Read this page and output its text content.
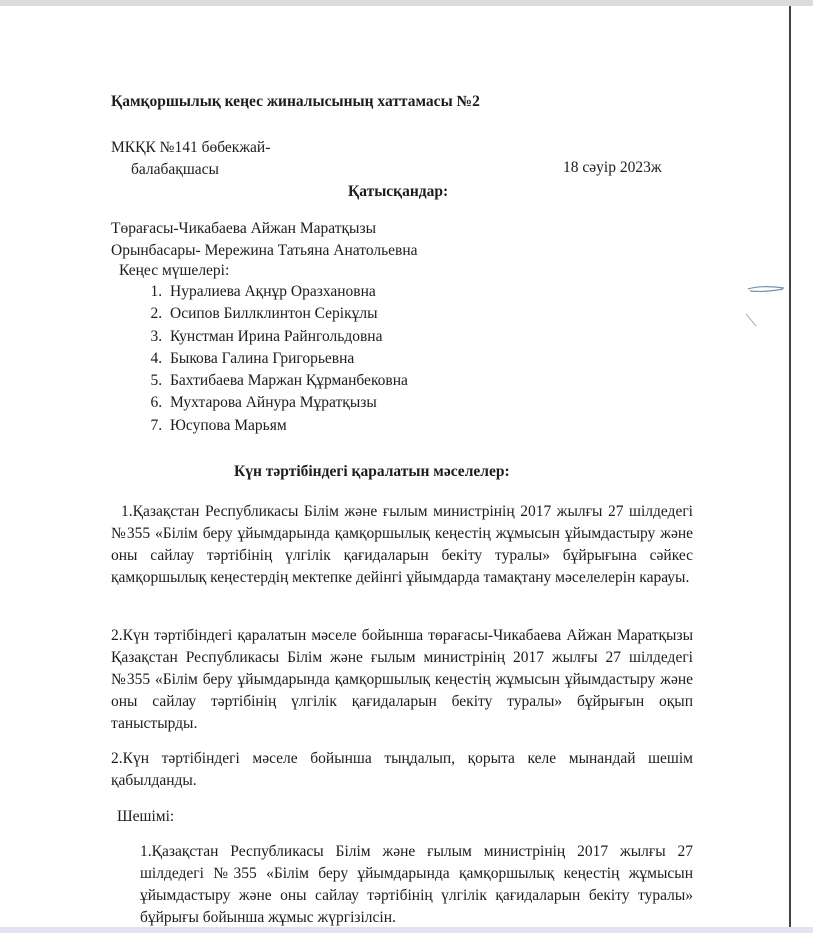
Қамқоршылық кеңес жиналысының хаттамасы №2
МКҚК №141 бөбекжай-
балабақшасы	18 сәуір 2023ж
Қатысқандар:
Төрағасы-Чикабаева Айжан Маратқызы
Орынбасары- Мережина Татьяна Анатольевна
Кеңес мүшелері:
1. Нуралиева Ақнұр Оразхановна
2. Осипов Биллклинтон Серікұлы
3. Кунстман Ирина Райнгольдовна
4. Быкова Галина Григорьевна
5. Бахтибаева Маржан Құрманбековна
6. Мухтарова Айнура Мұратқызы
7. Юсупова Марьям
Күн тәртібіндегі қаралатын мәселелер:
1.Қазақстан Республикасы Білім және ғылым министрінің 2017 жылғы 27 шілдедегі №355 «Білім беру ұйымдарында қамқоршылық кеңестің жұмысын ұйымдастыру және оны сайлау тәртібінің үлгілік қағидаларын бекіту туралы» бұйрығына сәйкес қамқоршылық кеңестердің мектепке дейінгі ұйымдарда тамақтану мәселелерін карауы.
2.Күн тәртібіндегі қаралатын мәселе бойынша төрағасы-Чикабаева Айжан Маратқызы Қазақстан Республикасы Білім және ғылым министрінің 2017 жылғы 27 шілдедегі №355 «Білім беру ұйымдарында қамқоршылық кеңестің жұмысын ұйымдастыру және оны сайлау тәртібінің үлгілік қағидаларын бекіту туралы» бұйрығын оқып таныстырды.
2.Күн тәртібіндегі мәселе бойынша тыңдалып, қорыта келе мынандай шешім қабылданды.
Шешімі:
1.Қазақстан Республикасы Білім және ғылым министрінің 2017 жылғы 27 шілдедегі №355 «Білім беру ұйымдарында қамқоршылық кеңестің жұмысын ұйымдастыру және оны сайлау тәртібінің үлгілік қағидаларын бекіту туралы» бұйрығы бойынша жұмыс жүргізілсін.
